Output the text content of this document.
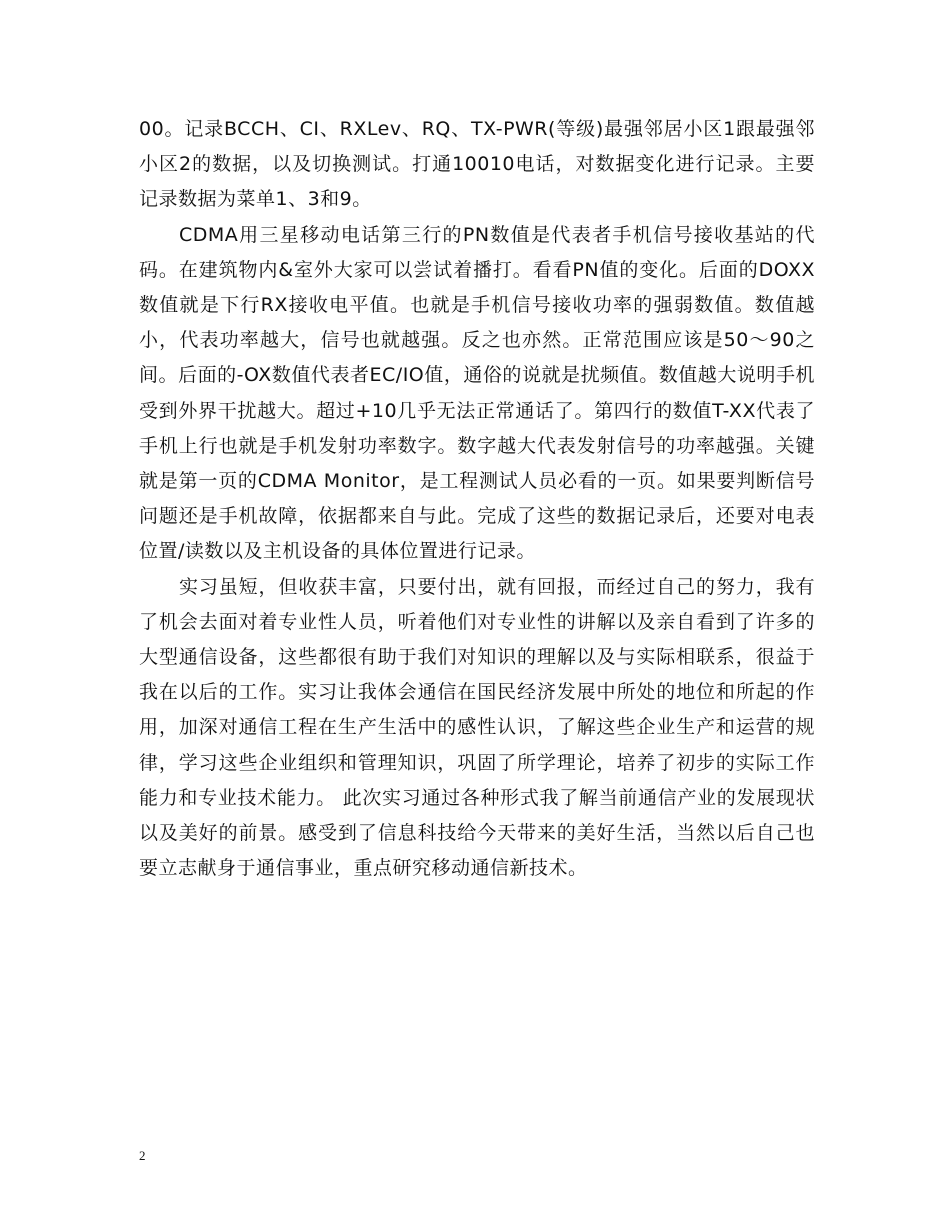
00。记录BCCH、CI、RXLev、RQ、TX-PWR(等级)最强邻居小区1跟最强邻小区2的数据，以及切换测试。打通10010电话，对数据变化进行记录。主要记录数据为菜单1、3和9。

CDMA用三星移动电话第三行的PN数值是代表者手机信号接收基站的代码。在建筑物内&室外大家可以尝试着播打。看看PN值的变化。后面的DOXX数值就是下行RX接收电平值。也就是手机信号接收功率的强弱数值。数值越小，代表功率越大，信号也就越强。反之也亦然。正常范围应该是50～90之间。后面的-OX数值代表者EC/IO值，通俗的说就是扰频值。数值越大说明手机受到外界干扰越大。超过+10几乎无法正常通话了。第四行的数值T-XX代表了手机上行也就是手机发射功率数字。数字越大代表发射信号的功率越强。关键就是第一页的CDMA Monitor，是工程测试人员必看的一页。如果要判断信号问题还是手机故障，依据都来自与此。完成了这些的数据记录后，还要对电表位置/读数以及主机设备的具体位置进行记录。

实习虽短，但收获丰富，只要付出，就有回报，而经过自己的努力，我有了机会去面对着专业性人员，听着他们对专业性的讲解以及亲自看到了许多的大型通信设备，这些都很有助于我们对知识的理解以及与实际相联系，很益于我在以后的工作。实习让我体会通信在国民经济发展中所处的地位和所起的作用，加深对通信工程在生产生活中的感性认识，了解这些企业生产和运营的规律，学习这些企业组织和管理知识，巩固了所学理论，培养了初步的实际工作能力和专业技术能力。 此次实习通过各种形式我了解当前通信产业的发展现状以及美好的前景。感受到了信息科技给今天带来的美好生活，当然以后自己也要立志献身于通信事业，重点研究移动通信新技术。

2
